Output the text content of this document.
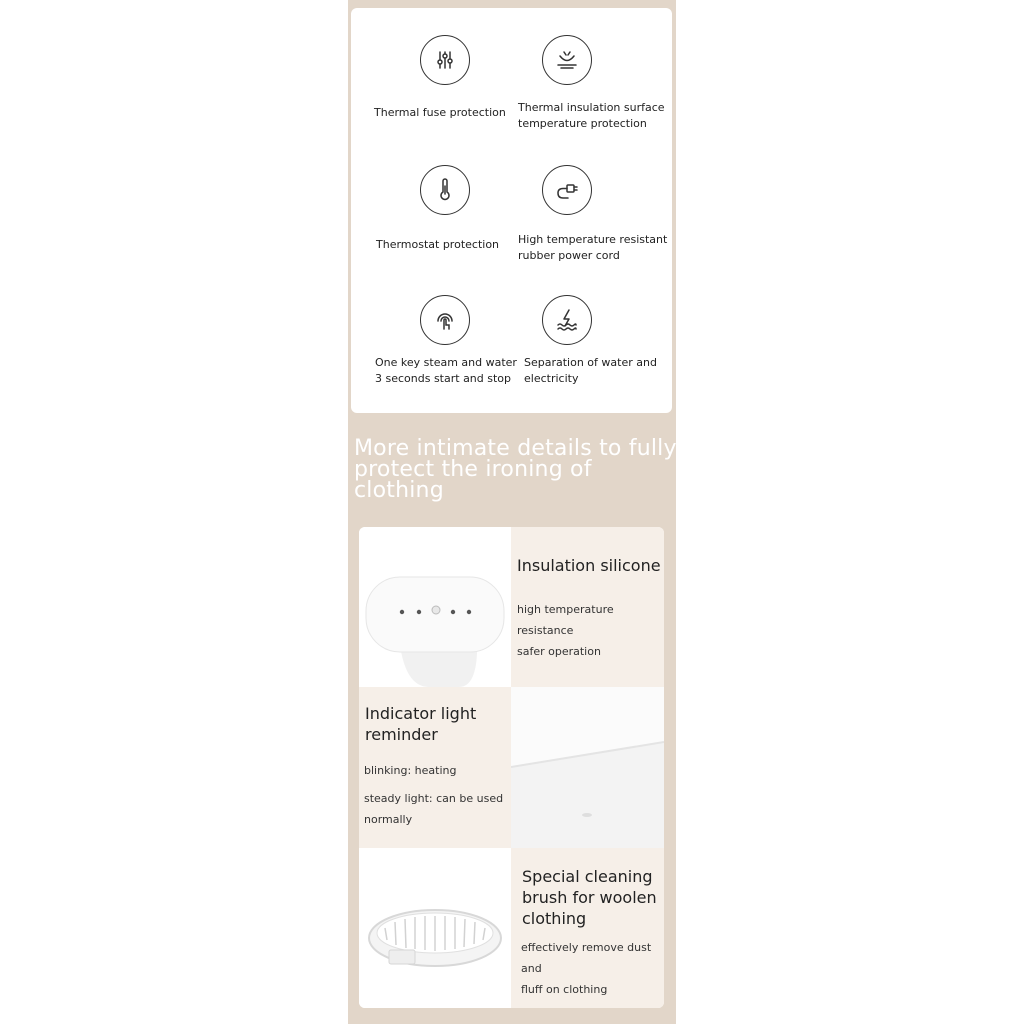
Thermal fuse protection	Thermal insulation surface
temperature protection
Thermostat protection	High temperature resistant
rubber power cord
One key steam and water
3 seconds start and stop
Separation of water and
electricity
More intimate details to fully
protect the ironing of clothing
Insulation silicone
high temperature resistance
safer operation
Indicator light
reminder
blinking: heating
steady light: can be used
normally
Special cleaning
brush for woolen
clothing
effectively remove dust and
fluff on clothing
